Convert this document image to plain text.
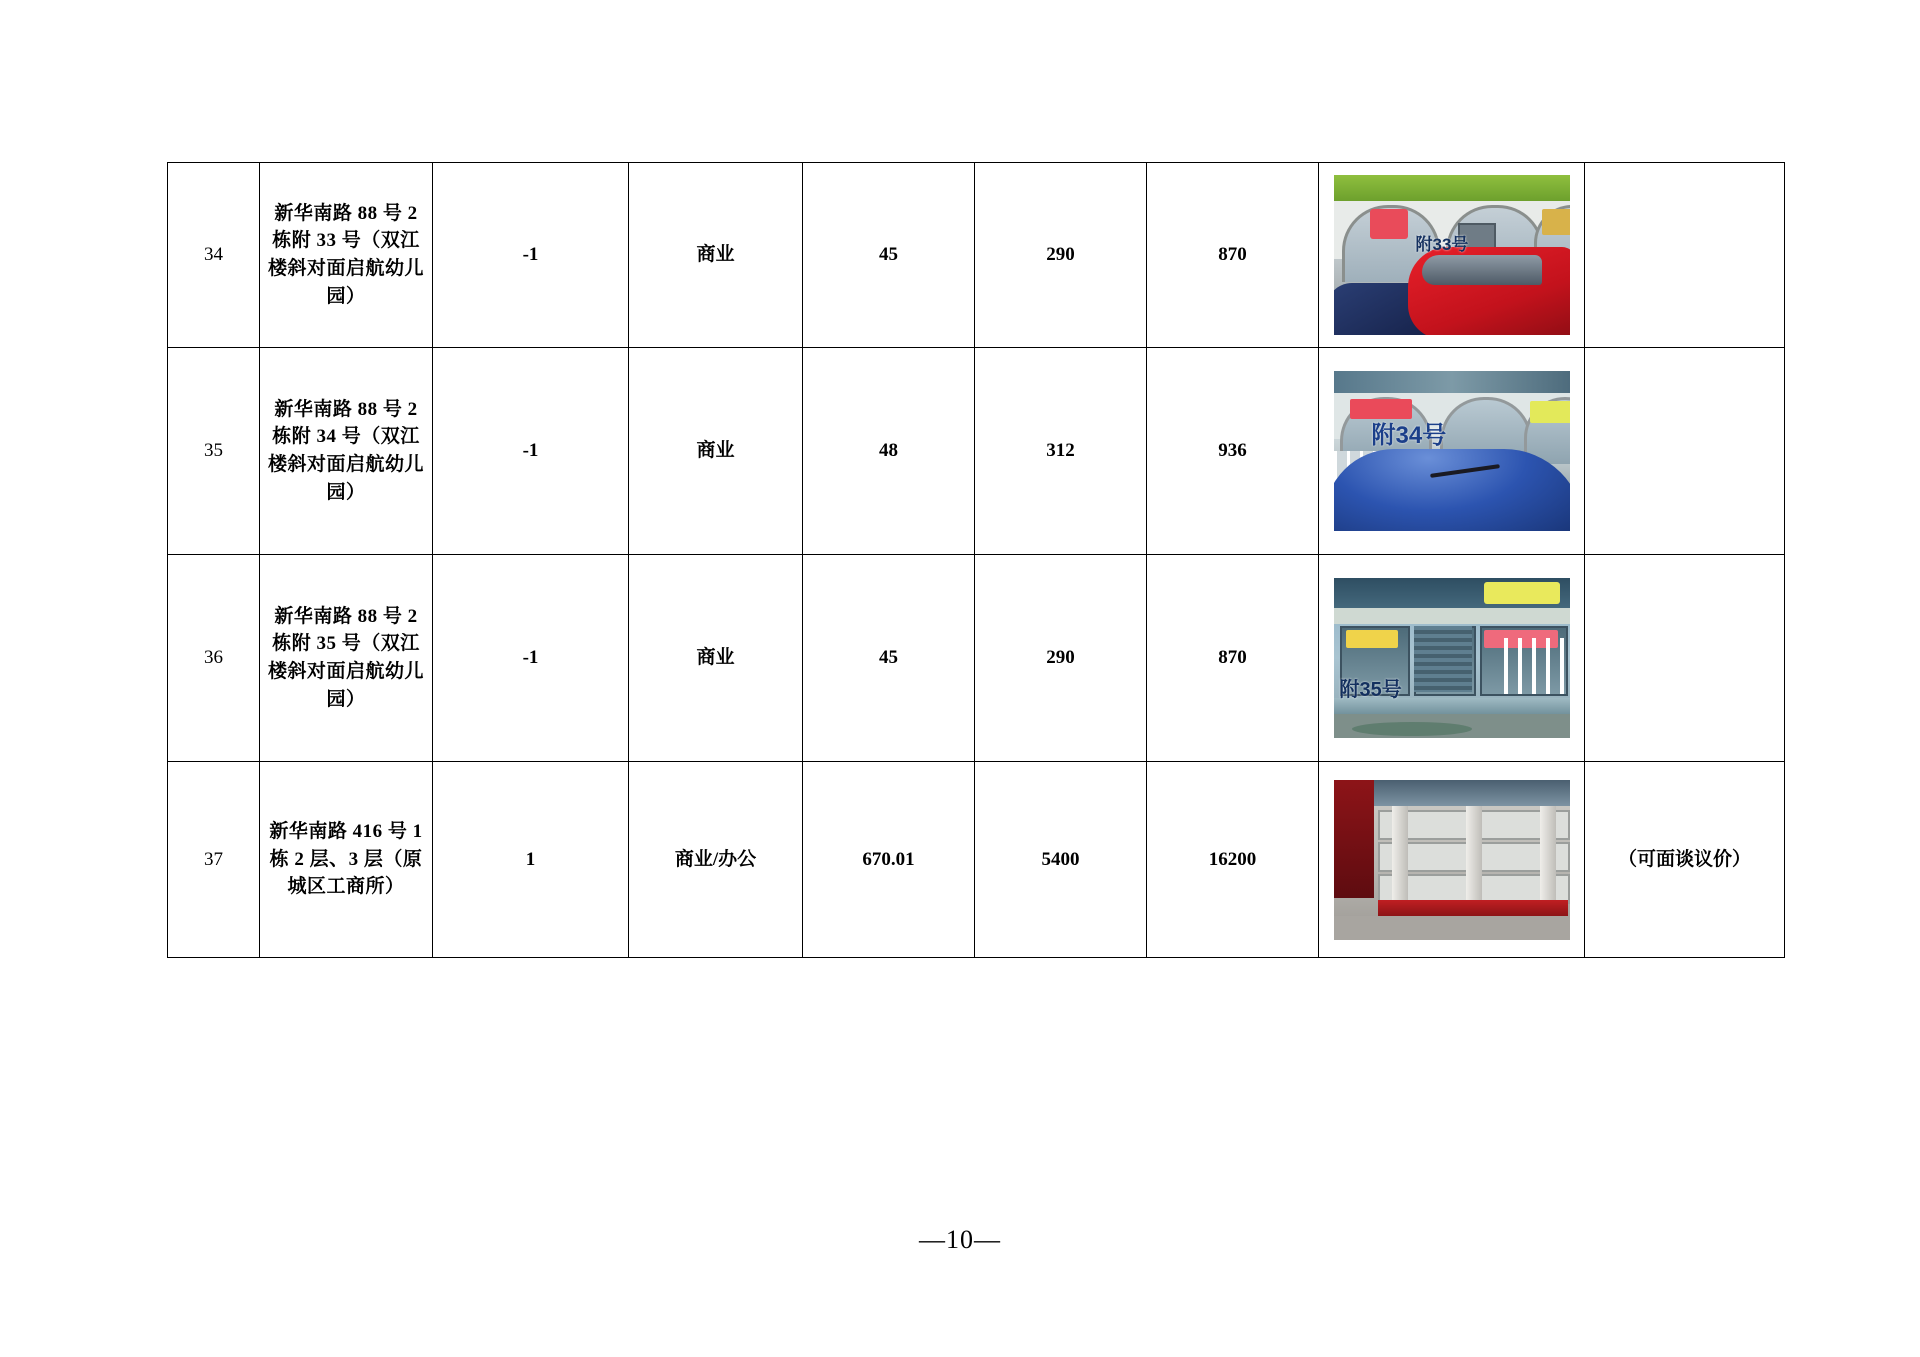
34	新华南路 88 号 2 栋附 33 号（双江楼斜对面启航幼儿园）	-1	商业	45	290	870	附33号	

35	新华南路 88 号 2 栋附 34 号（双江楼斜对面启航幼儿园）	-1	商业	48	312	936	附34号	

36	新华南路 88 号 2 栋附 35 号（双江楼斜对面启航幼儿园）	-1	商业	45	290	870	附35号	

37	新华南路 416 号 1 栋 2 层、3 层（原城区工商所）	1	商业/办公	670.01	5400	16200		（可面谈议价）
—10—
